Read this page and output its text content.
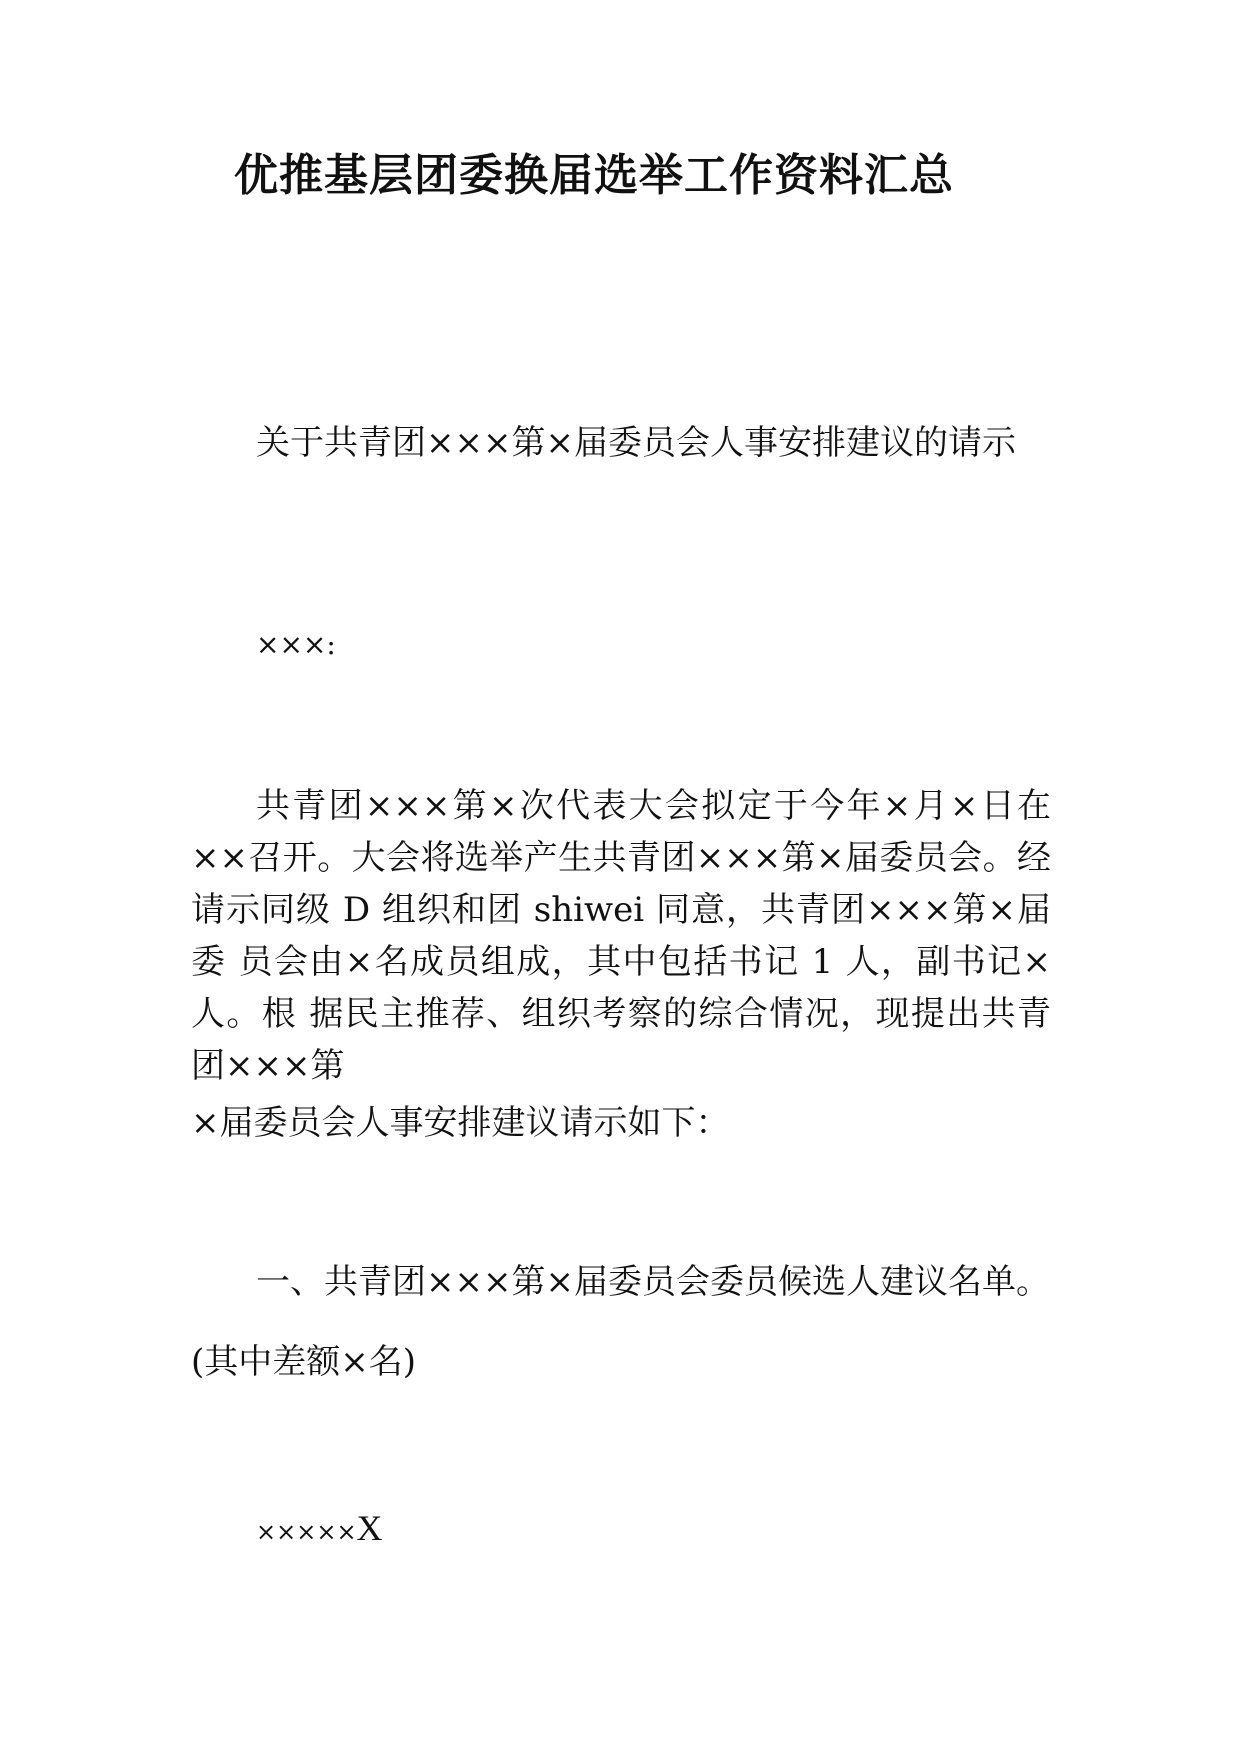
优推基层团委换届选举工作资料汇总

关于共青团×××第×届委员会人事安排建议的请示

×××:

共青团×××第×次代表大会拟定于今年×月×日在××召开。大会将选举产生共青团×××第×届委员会。经请示同级 D 组织和团 shiwei 同意，共青团×××第×届委 员会由×名成员组成，其中包括书记 1 人，副书记×人。根 据民主推荐、组织考察的综合情况，现提出共青团×××第

×届委员会人事安排建议请示如下：

一、共青团×××第×届委员会委员候选人建议名单。

(其中差额×名)

×××××X
